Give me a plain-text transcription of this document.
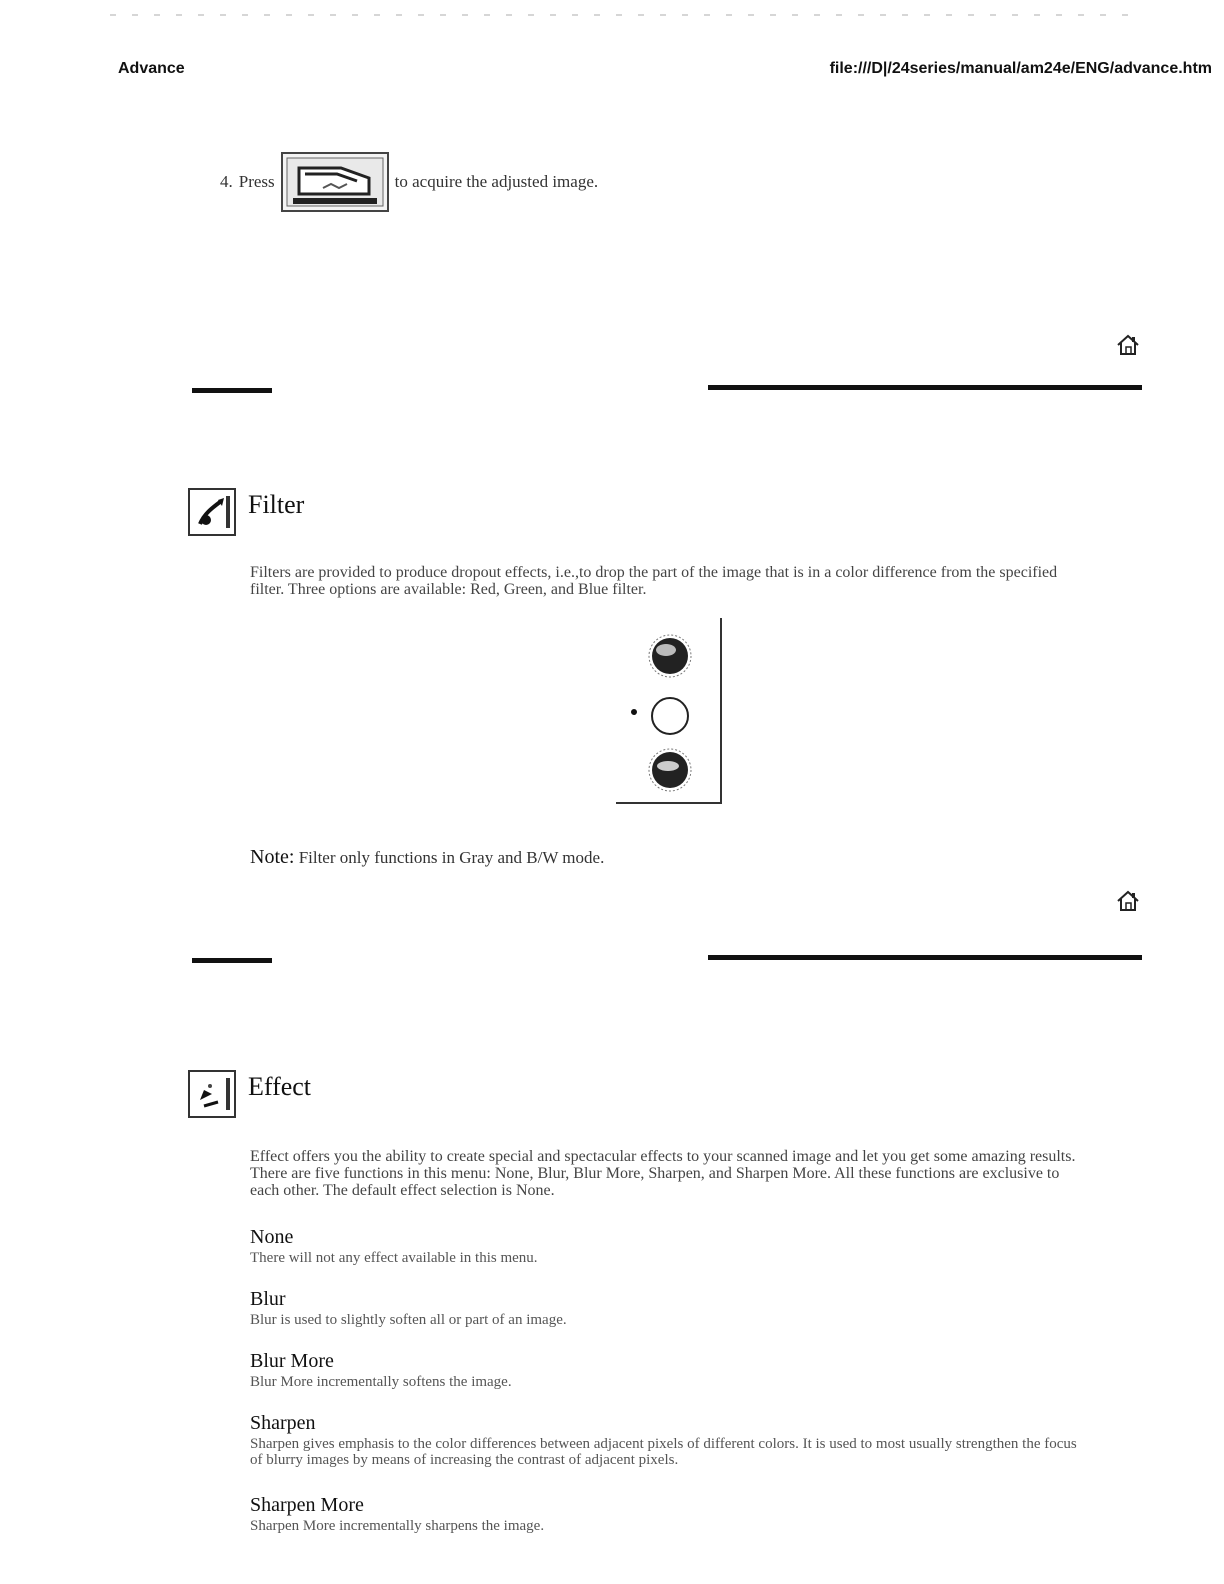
Advance	file:///D|/24series/manual/am24e/ENG/advance.htm
4. Press	to acquire the adjusted image.
Filter
Filters are provided to produce dropout effects, i.e.,to drop the part of the image that is in a color difference from the specified filter. Three options are available: Red, Green, and Blue filter.
Note: Filter only functions in Gray and B/W mode.
Effect
Effect offers you the ability to create special and spectacular effects to your scanned image and let you get some amazing results. There are five functions in this menu: None, Blur, Blur More, Sharpen, and Sharpen More. All these functions are exclusive to each other. The default effect selection is None.
None
There will not any effect available in this menu.
Blur
Blur is used to slightly soften all or part of an image.
Blur More
Blur More incrementally softens the image.
Sharpen
Sharpen gives emphasis to the color differences between adjacent pixels of different colors. It is used to most usually strengthen the focus of blurry images by means of increasing the contrast of adjacent pixels.
Sharpen More
Sharpen More incrementally sharpens the image.
